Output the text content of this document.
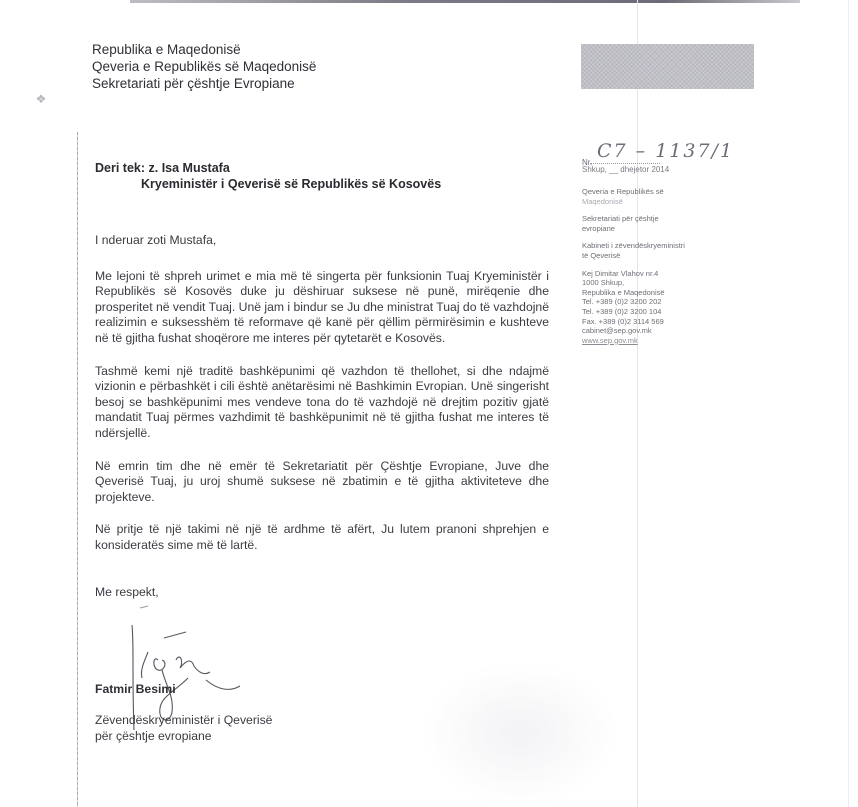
❖
Republika e Maqedonisë
Qeveria e Republikës së Maqedonisë
Sekretariati për çështje Evropiane
Nr.
C7 – 1137/1
Shkup, __ dhejetor 2014
Qeveria e Republikës së
Maqedonisë
Sekretariati për çështje
evropiane
Kabineti i zëvendëskryeministri
të Qeverisë
Kej Dimitar Vlahov nr.4
1000 Shkup,
Republika e Maqedonisë
Tel. +389 (0)2 3200 202
Tel. +389 (0)2 3200 104
Fax. +389 (0)2 3114 569
cabinet@sep.gov.mk
www.sep.gov.mk
Deri tek: z. Isa Mustafa
Kryeministër i Qeverisë së Republikës së Kosovës

I nderuar zoti Mustafa,

Me lejoni të shpreh urimet e mia më të singerta për funksionin Tuaj Kryeministër i Republikës së Kosovës duke ju dëshiruar suksese në punë, mirëqenie dhe prosperitet në vendit Tuaj. Unë jam i bindur se Ju dhe ministrat Tuaj do të vazhdojnë realizimin e suksesshëm të reformave që kanë për qëllim përmirësimin e kushteve në të gjitha fushat shoqërore me interes për qytetarët e Kosovës.

Tashmë kemi një traditë bashkëpunimi që vazhdon të thellohet, si dhe ndajmë vizionin e përbashkët i cili është anëtarësimi në Bashkimin Evropian. Unë singerisht besoj se bashkëpunimi mes vendeve tona do të vazhdojë në drejtim pozitiv gjatë mandatit Tuaj përmes vazhdimit të bashkëpunimit në të gjitha fushat me interes të ndërsjellë.

Në emrin tim dhe në emër të Sekretariatit për Çështje Evropiane, Juve dhe Qeverisë Tuaj, ju uroj shumë suksese në zbatimin e të gjitha aktiviteteve dhe projekteve.

Në pritje të një takimi në një të ardhme të afërt, Ju lutem pranoni shprehjen e konsideratës sime më të lartë.

Me respekt,
Fatmir Besimi
Zëvendëskryeministër i Qeverisë
për çështje evropiane
